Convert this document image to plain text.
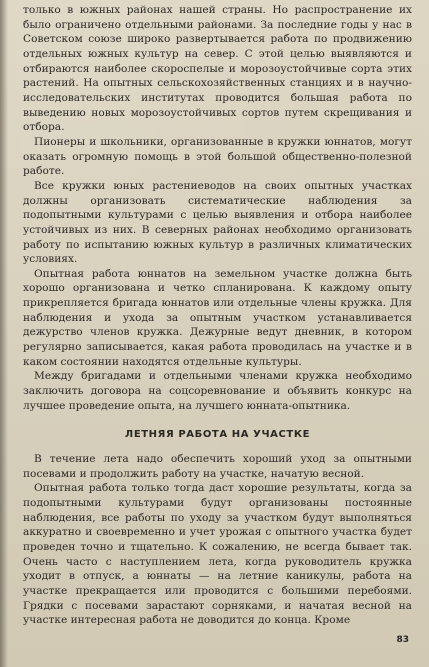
только в южных районах нашей страны. Но распространение их было ограничено отдельными районами. За последние годы у нас в Советском союзе широко развертывается работа по продвижению отдельных южных культур на север. С этой целью выявляются и отбираются наиболее скороспелые и морозоустойчивые сорта этих растений. На опытных сельскохозяйственных станциях и в научно-исследовательских институтах проводится большая работа по выведению новых морозоустойчивых сортов путем скрещивания и отбора.

Пионеры и школьники, организованные в кружки юннатов, могут оказать огромную помощь в этой большой общественно-полезной работе.

Все кружки юных растениеводов на своих опытных участках должны организовать систематические наблюдения за подопытными культурами с целью выявления и отбора наиболее устойчивых из них. В северных районах необходимо организовать работу по испытанию южных культур в различных климатических условиях.

Опытная работа юннатов на земельном участке должна быть хорошо организована и четко спланирована. К каждому опыту прикрепляется бригада юннатов или отдельные члены кружка. Для наблюдения и ухода за опытным участком устанавливается дежурство членов кружка. Дежурные ведут дневник, в котором регулярно записывается, какая работа проводилась на участке и в каком состоянии находятся отдельные культуры.

Между бригадами и отдельными членами кружка необходимо заключить договора на соцсоревнование и объявить конкурс на лучшее проведение опыта, на лучшего юнната-опытника.

ЛЕТНЯЯ РАБОТА НА УЧАСТКЕ

В течение лета надо обеспечить хороший уход за опытными посевами и продолжить работу на участке, начатую весной.

Опытная работа только тогда даст хорошие результаты, когда за подопытными культурами будут организованы постоянные наблюдения, все работы по уходу за участком будут выполняться аккуратно и своевременно и учет урожая с опытного участка будет проведен точно и тщательно. К сожалению, не всегда бывает так. Очень часто с наступлением лета, когда руководитель кружка уходит в отпуск, а юннаты — на летние каникулы, работа на участке прекращается или проводится с большими перебоями. Грядки с посевами зарастают сорняками, и начатая весной на участке интересная работа не доводится до конца. Кроме

83
